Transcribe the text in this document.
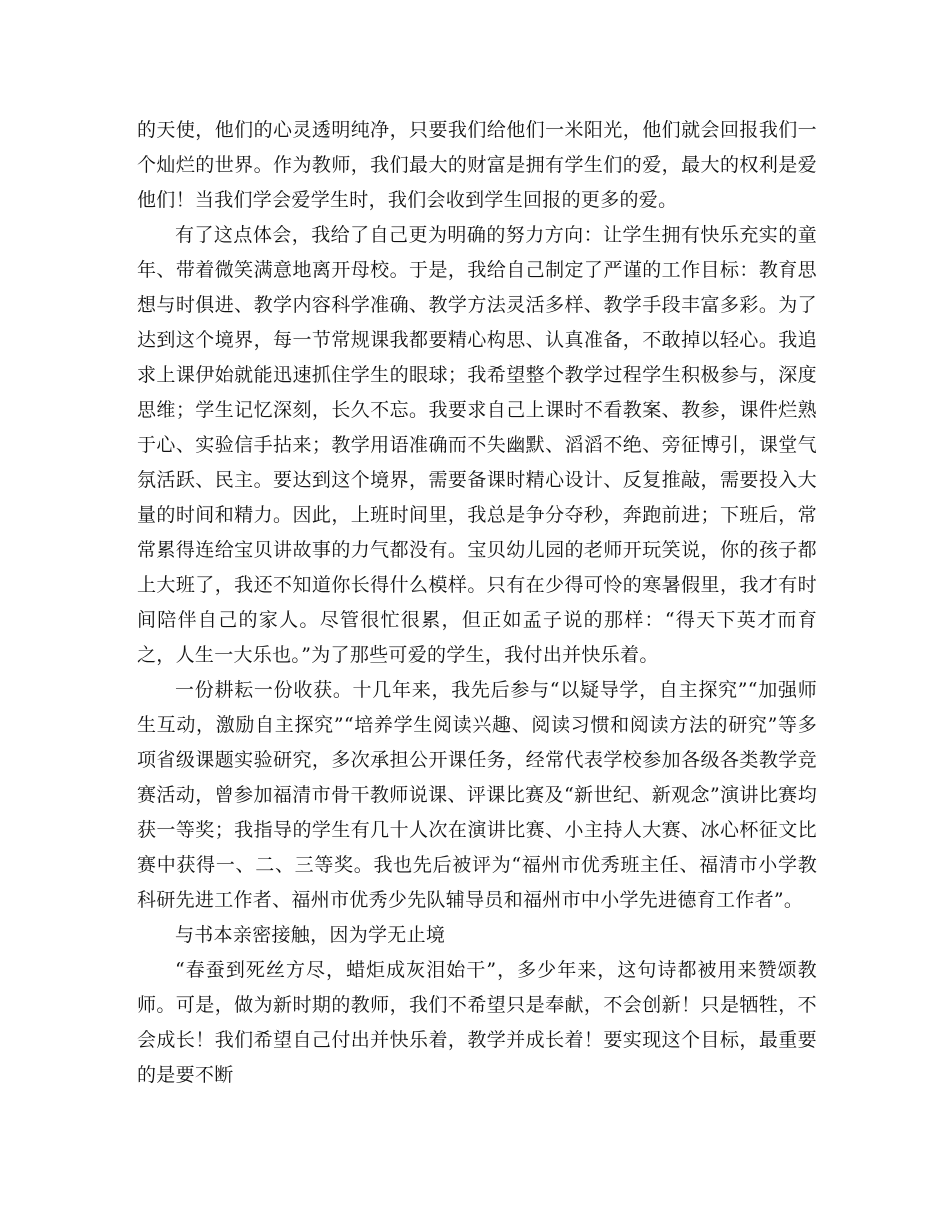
的天使，他们的心灵透明纯净，只要我们给他们一米阳光，他们就会回报我们一个灿烂的世界。作为教师，我们最大的财富是拥有学生们的爱，最大的权利是爱他们！当我们学会爱学生时，我们会收到学生回报的更多的爱。

有了这点体会，我给了自己更为明确的努力方向：让学生拥有快乐充实的童年、带着微笑满意地离开母校。于是，我给自己制定了严谨的工作目标：教育思想与时俱进、教学内容科学准确、教学方法灵活多样、教学手段丰富多彩。为了达到这个境界，每一节常规课我都要精心构思、认真准备，不敢掉以轻心。我追求上课伊始就能迅速抓住学生的眼球；我希望整个教学过程学生积极参与，深度思维；学生记忆深刻，长久不忘。我要求自己上课时不看教案、教参，课件烂熟于心、实验信手拈来；教学用语准确而不失幽默、滔滔不绝、旁征博引，课堂气氛活跃、民主。要达到这个境界，需要备课时精心设计、反复推敲，需要投入大量的时间和精力。因此，上班时间里，我总是争分夺秒，奔跑前进；下班后，常常累得连给宝贝讲故事的力气都没有。宝贝幼儿园的老师开玩笑说，你的孩子都上大班了，我还不知道你长得什么模样。只有在少得可怜的寒暑假里，我才有时间陪伴自己的家人。尽管很忙很累，但正如孟子说的那样：“得天下英才而育之，人生一大乐也。”为了那些可爱的学生，我付出并快乐着。

一份耕耘一份收获。十几年来，我先后参与“以疑导学，自主探究”“加强师生互动，激励自主探究”“培养学生阅读兴趣、阅读习惯和阅读方法的研究”等多项省级课题实验研究，多次承担公开课任务，经常代表学校参加各级各类教学竞赛活动，曾参加福清市骨干教师说课、评课比赛及“新世纪、新观念”演讲比赛均获一等奖；我指导的学生有几十人次在演讲比赛、小主持人大赛、冰心杯征文比赛中获得一、二、三等奖。我也先后被评为“福州市优秀班主任、福清市小学教科研先进工作者、福州市优秀少先队辅导员和福州市中小学先进德育工作者”。

与书本亲密接触，因为学无止境

“春蚕到死丝方尽，蜡炬成灰泪始干”，多少年来，这句诗都被用来赞颂教师。可是，做为新时期的教师，我们不希望只是奉献，不会创新！只是牺牲，不会成长！我们希望自己付出并快乐着，教学并成长着！要实现这个目标，最重要的是要不断
